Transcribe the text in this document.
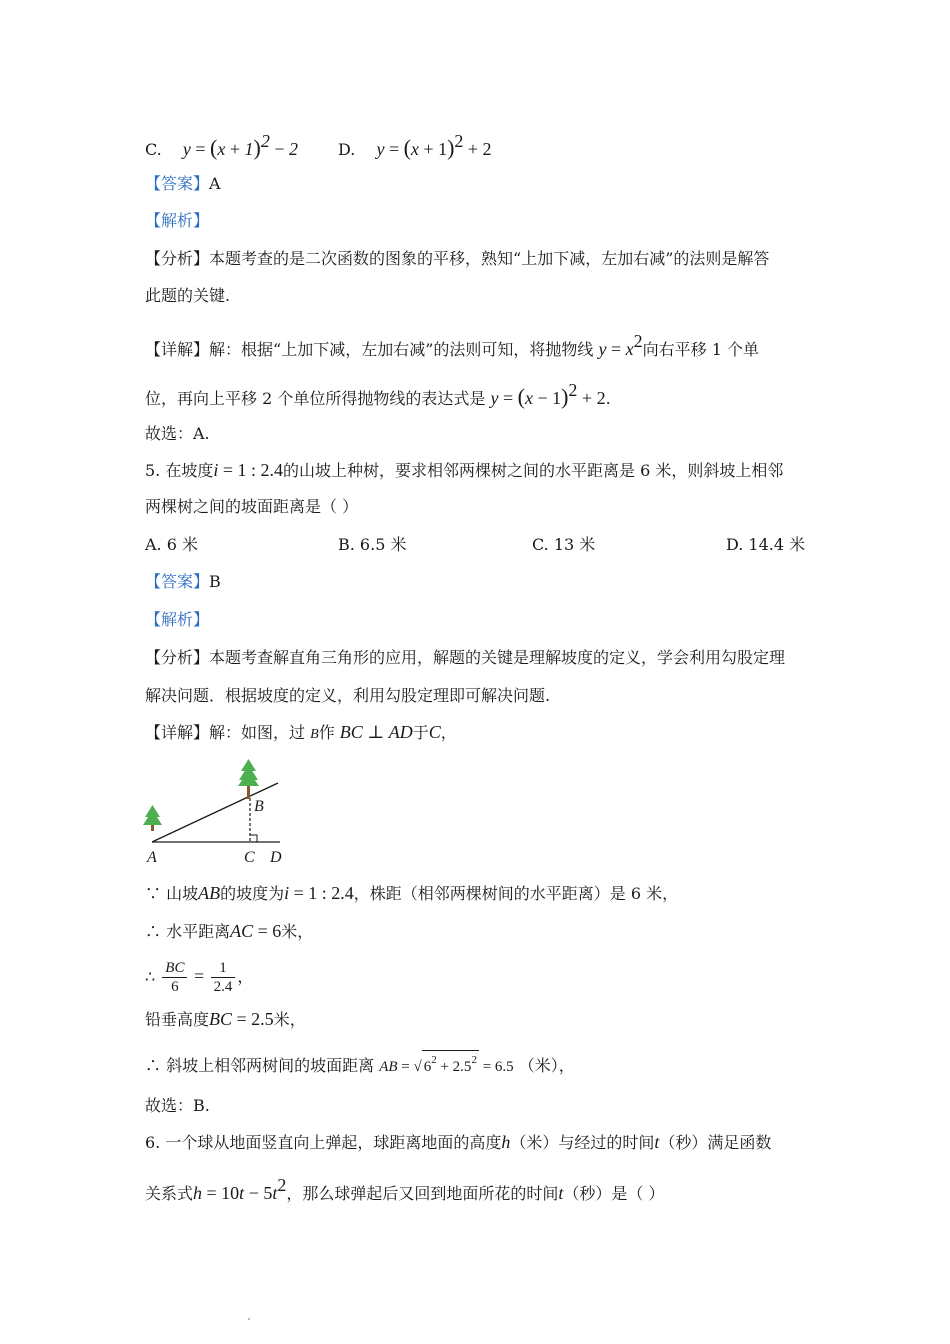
C. $y = (x + 1)^2 - 2$	D. $y = (x + 1)^2 + 2$
【答案】A
【解析】
【分析】本题考查的是二次函数的图象的平移，熟知“上加下减，左加右减”的法则是解答
此题的关键.
【详解】解：根据“上加下减，左加右减”的法则可知，将抛物线 $y = x^2$向右平移 1 个单
位，再向上平移 2 个单位所得抛物线的表达式是 $y = (x - 1)^2 + 2$.
故选：A.
5. 在坡度i = 1 : 2.4的山坡上种树，要求相邻两棵树之间的水平距离是 6 米，则斜坡上相邻
两棵树之间的坡面距离是（ ）
A. 6 米	B. 6.5 米	C. 13 米	D. 14.4 米
【答案】B
【解析】
【分析】本题考查解直角三角形的应用，解题的关键是理解坡度的定义，学会利用勾股定理
解决问题．根据坡度的定义，利用勾股定理即可解决问题.
【详解】解：如图，过 B作 BC ⊥ AD于C，
A
B
C D
∵ 山坡AB的坡度为i = 1 : 2.4，株距（相邻两棵树间的水平距离）是 6 米，
∴ 水平距离AC = 6米，
∴ $\frac{BC}{6} = \frac{1}{2.4}$ ，
铅垂高度BC = 2.5米，
∴ 斜坡上相邻两树间的坡面距离 AB = √ $6^2 + 2.5^2 = 6.5$ （米），
故选：B.
6. 一个球从地面竖直向上弹起，球距离地面的高度h（米）与经过的时间t（秒）满足函数
关系式$h = 10t - 5t^2$，那么球弹起后又回到地面所花的时间t（秒）是（ ）
